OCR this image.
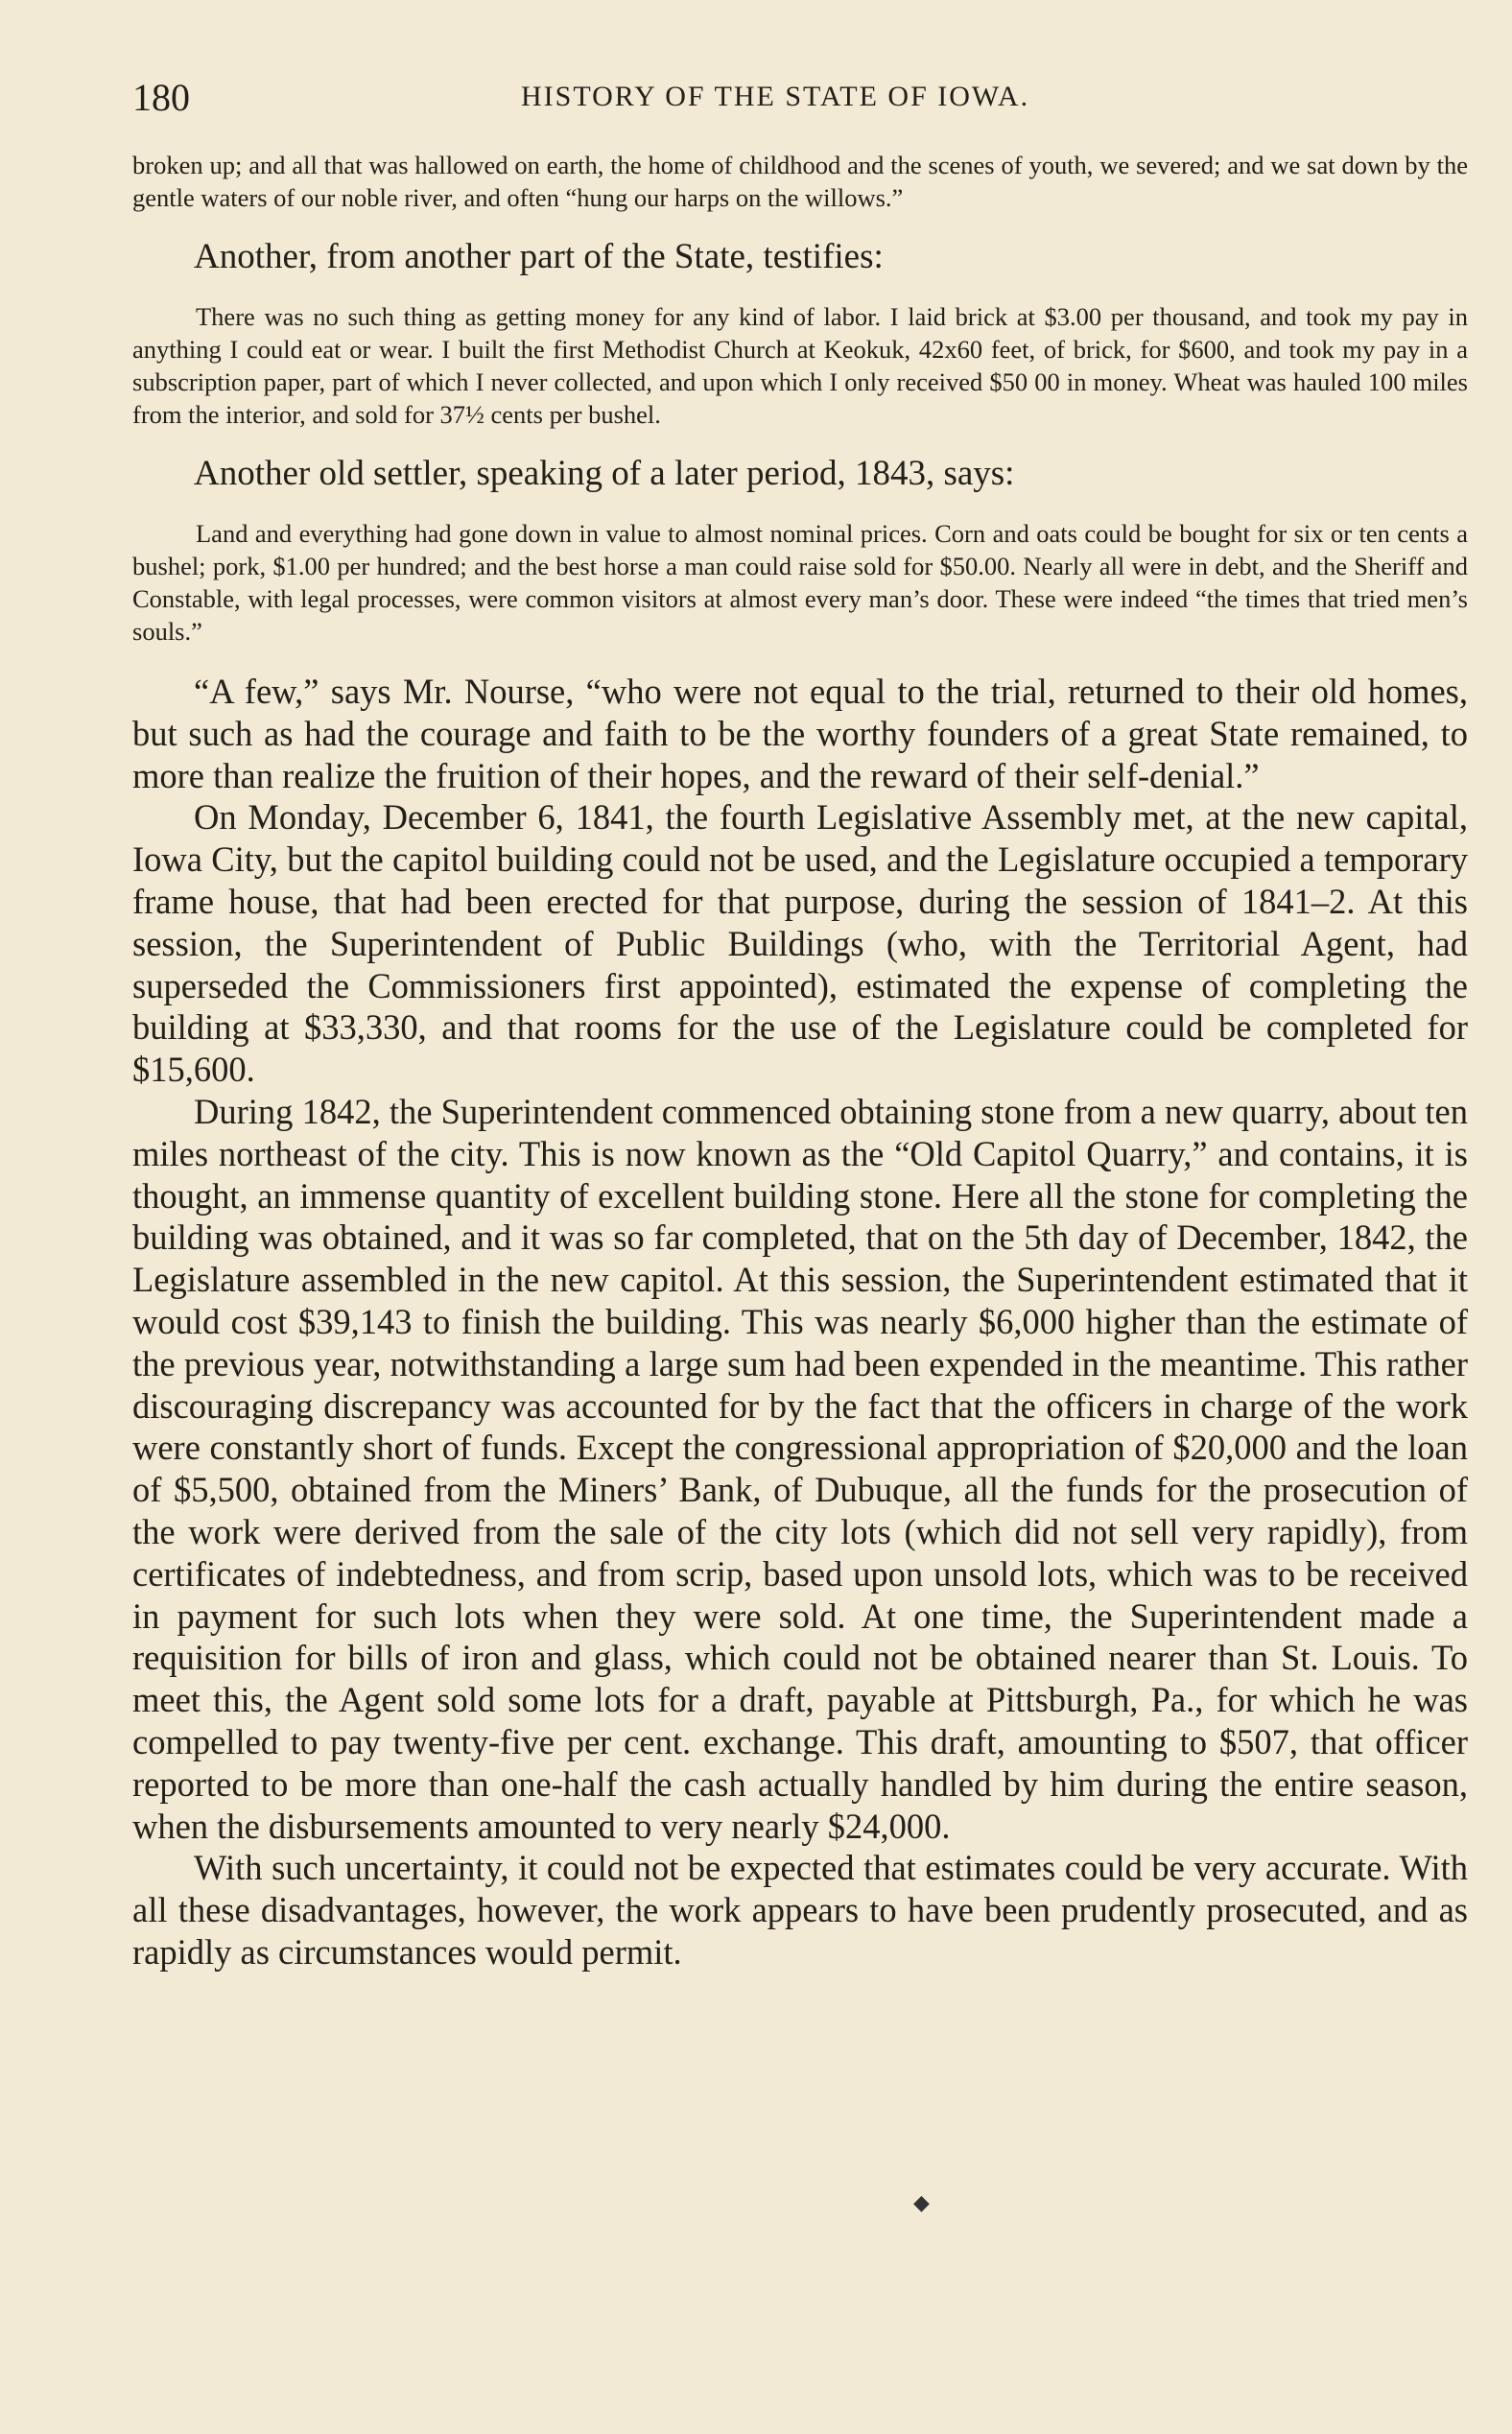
180	HISTORY OF THE STATE OF IOWA.

broken up; and all that was hallowed on earth, the home of childhood and the scenes of youth, we severed; and we sat down by the gentle waters of our noble river, and often “hung our harps on the willows.”

Another, from another part of the State, testifies:

There was no such thing as getting money for any kind of labor. I laid brick at $3.00 per thousand, and took my pay in anything I could eat or wear. I built the first Methodist Church at Keokuk, 42x60 feet, of brick, for $600, and took my pay in a subscription paper, part of which I never collected, and upon which I only received $50 00 in money. Wheat was hauled 100 miles from the interior, and sold for 37½ cents per bushel.

Another old settler, speaking of a later period, 1843, says:

Land and everything had gone down in value to almost nominal prices. Corn and oats could be bought for six or ten cents a bushel; pork, $1.00 per hundred; and the best horse a man could raise sold for $50.00. Nearly all were in debt, and the Sheriff and Constable, with legal processes, were common visitors at almost every man’s door. These were indeed “the times that tried men’s souls.”

“A few,” says Mr. Nourse, “who were not equal to the trial, returned to their old homes, but such as had the courage and faith to be the worthy founders of a great State remained, to more than realize the fruition of their hopes, and the reward of their self-denial.”

On Monday, December 6, 1841, the fourth Legislative Assembly met, at the new capital, Iowa City, but the capitol building could not be used, and the Legislature occupied a temporary frame house, that had been erected for that purpose, during the session of 1841–2. At this session, the Superintendent of Public Buildings (who, with the Territorial Agent, had superseded the Commissioners first appointed), estimated the expense of completing the building at $33,330, and that rooms for the use of the Legislature could be completed for $15,600.

During 1842, the Superintendent commenced obtaining stone from a new quarry, about ten miles northeast of the city. This is now known as the “Old Capitol Quarry,” and contains, it is thought, an immense quantity of excellent building stone. Here all the stone for completing the building was obtained, and it was so far completed, that on the 5th day of December, 1842, the Legislature assembled in the new capitol. At this session, the Superintendent estimated that it would cost $39,143 to finish the building. This was nearly $6,000 higher than the estimate of the previous year, notwithstanding a large sum had been expended in the meantime. This rather discouraging discrepancy was accounted for by the fact that the officers in charge of the work were constantly short of funds. Except the congressional appropriation of $20,000 and the loan of $5,500, obtained from the Miners’ Bank, of Dubuque, all the funds for the prosecution of the work were derived from the sale of the city lots (which did not sell very rapidly), from certificates of indebtedness, and from scrip, based upon unsold lots, which was to be received in payment for such lots when they were sold. At one time, the Superintendent made a requisition for bills of iron and glass, which could not be obtained nearer than St. Louis. To meet this, the Agent sold some lots for a draft, payable at Pittsburgh, Pa., for which he was compelled to pay twenty-five per cent. exchange. This draft, amounting to $507, that officer reported to be more than one-half the cash actually handled by him during the entire season, when the disbursements amounted to very nearly $24,000.

With such uncertainty, it could not be expected that estimates could be very accurate. With all these disadvantages, however, the work appears to have been prudently prosecuted, and as rapidly as circumstances would permit.

◆
